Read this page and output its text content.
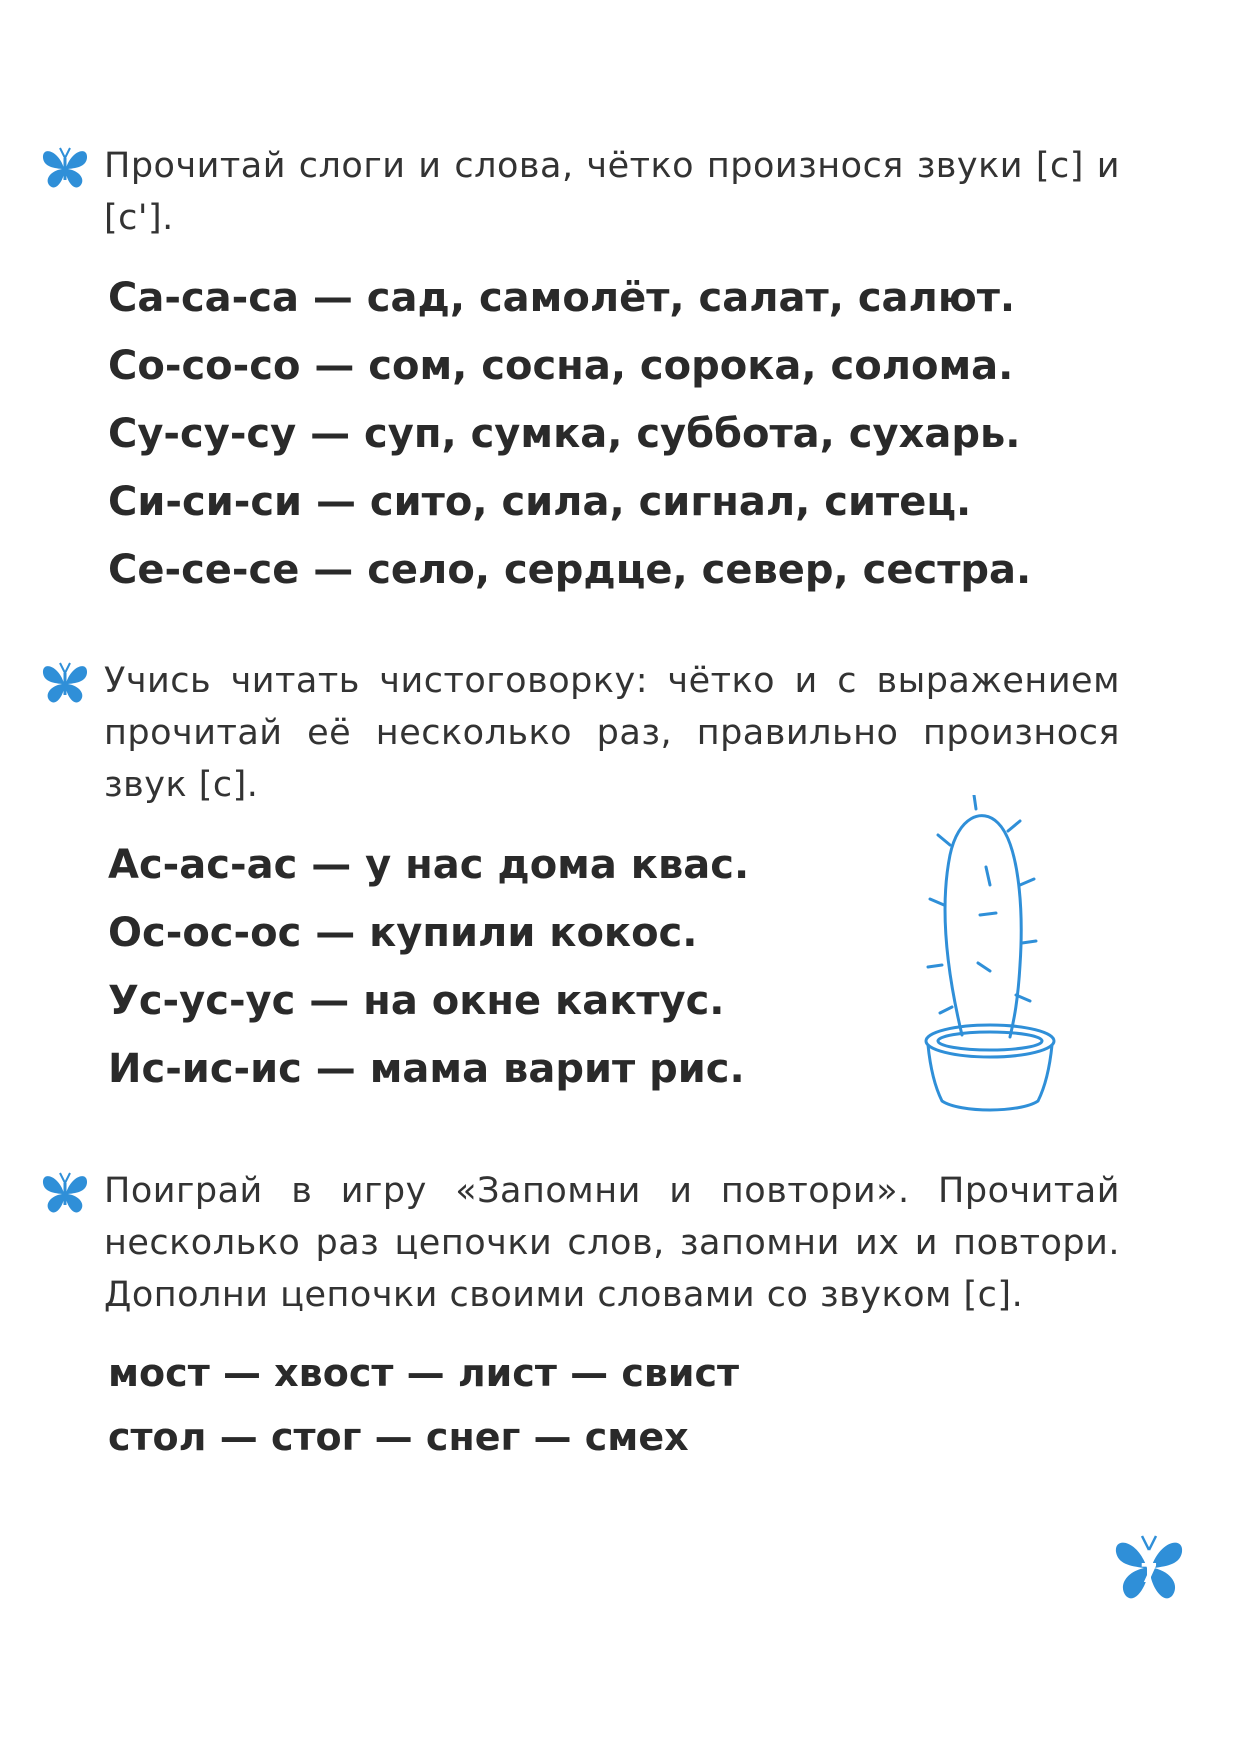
Прочитай слоги и слова, чётко произнося звуки [с] и [с'].
Са-са-са — сад, самолёт, салат, салют.
Со-со-со — сом, сосна, сорока, солома.
Су-су-су — суп, сумка, суббота, сухарь.
Си-си-си — сито, сила, сигнал, ситец.
Се-се-се — село, сердце, север, сестра.
Учись читать чистоговорку: чётко и с выражением прочитай её несколько раз, правильно произнося звук [с].
Ас-ас-ас — у нас дома квас.
Ос-ос-ос — купили кокос.
Ус-ус-ус — на окне кактус.
Ис-ис-ис — мама варит рис.
Поиграй в игру «Запомни и повтори». Прочитай несколько раз цепочки слов, запомни их и повтори. Дополни цепочки своими словами со звуком [с].
мост — хвост — лист — свист
стол — стог — снег — смех
7
